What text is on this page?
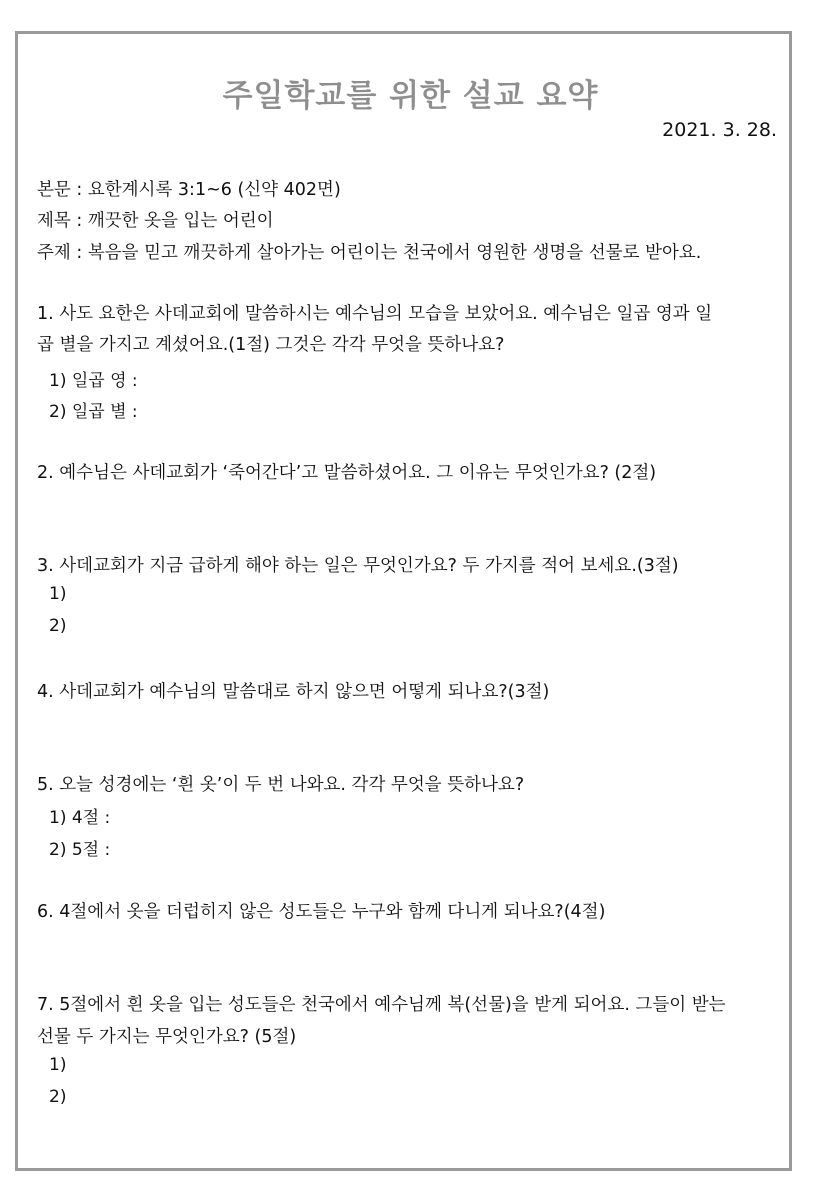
주일학교를 위한 설교 요약
2021. 3. 28.
본문 : 요한계시록 3:1~6 (신약 402면)
제목 : 깨끗한 옷을 입는 어린이
주제 : 복음을 믿고 깨끗하게 살아가는 어린이는 천국에서 영원한 생명을 선물로 받아요.
1. 사도 요한은 사데교회에 말씀하시는 예수님의 모습을 보았어요. 예수님은 일곱 영과 일
곱 별을 가지고 계셨어요.(1절) 그것은 각각 무엇을 뜻하나요?
1) 일곱 영 :
2) 일곱 별 :
2. 예수님은 사데교회가 ‘죽어간다’고 말씀하셨어요. 그 이유는 무엇인가요? (2절)
3. 사데교회가 지금 급하게 해야 하는 일은 무엇인가요? 두 가지를 적어 보세요.(3절)
1)
2)
4. 사데교회가 예수님의 말씀대로 하지 않으면 어떻게 되나요?(3절)
5. 오늘 성경에는 ‘흰 옷’이 두 번 나와요. 각각 무엇을 뜻하나요?
1) 4절 :
2) 5절 :
6. 4절에서 옷을 더럽히지 않은 성도들은 누구와 함께 다니게 되나요?(4절)
7. 5절에서 흰 옷을 입는 성도들은 천국에서 예수님께 복(선물)을 받게 되어요. 그들이 받는
선물 두 가지는 무엇인가요? (5절)
1)
2)
